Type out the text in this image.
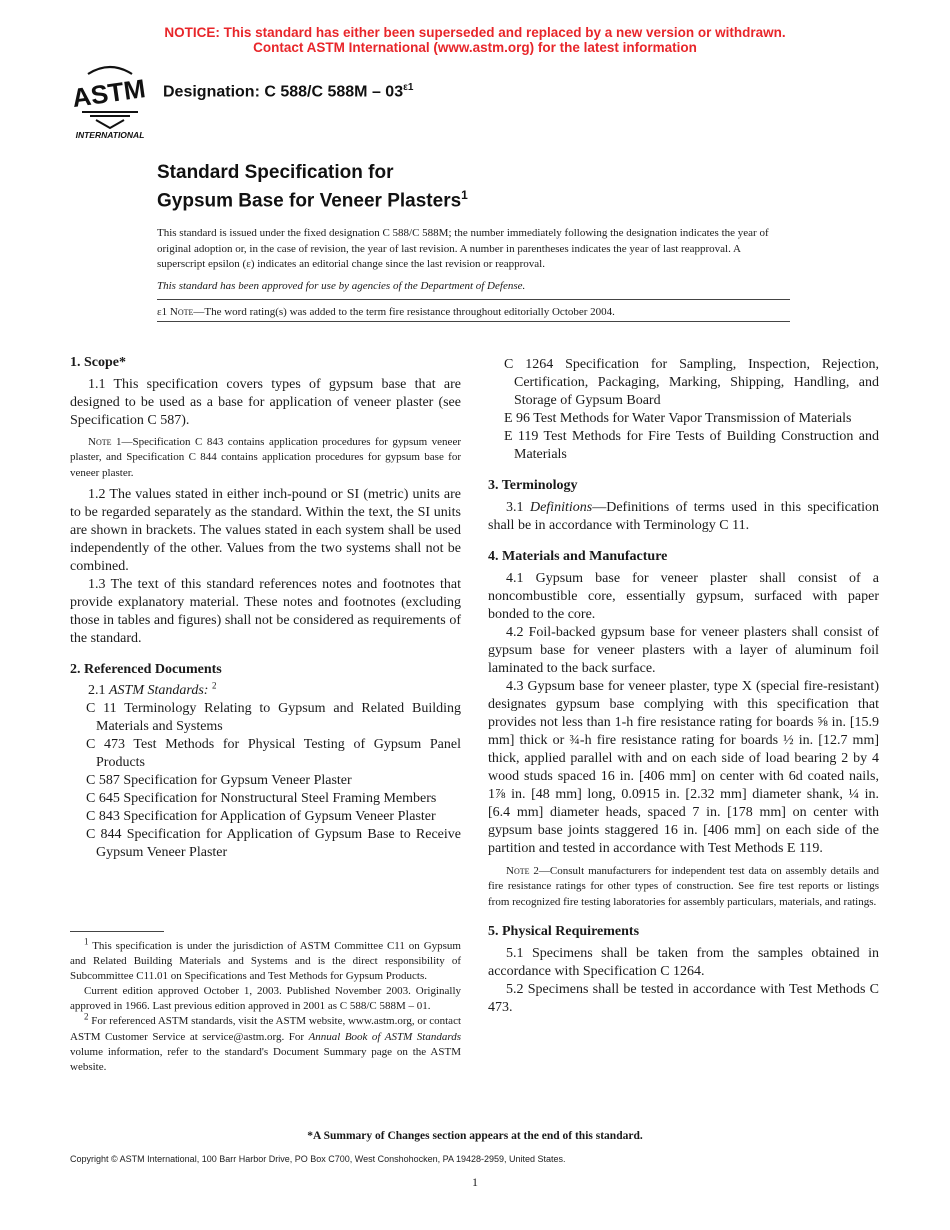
NOTICE: This standard has either been superseded and replaced by a new version or withdrawn.
Contact ASTM International (www.astm.org) for the latest information
ASTM
INTERNATIONAL
Designation: C 588/C $588M - 03^{\varepsilon 1}$
Standard Specification for
Gypsum Base for Veneer Plasters$^1$

This standard is issued under the fixed designation C 588/C 588M; the number immediately following the designation indicates the year of original adoption or, in the case of revision, the year of last revision. A number in parentheses indicates the year of last reapproval. A superscript epsilon (ε) indicates an editorial change since the last revision or reapproval.

This standard has been approved for use by agencies of the Department of Defense.

ε1 Note—The word rating(s) was added to the term fire resistance throughout editorially October 2004.

1. Scope*

1.1 This specification covers types of gypsum base that are designed to be used as a base for application of veneer plaster (see Specification C 587).

Note 1—Specification C 843 contains application procedures for gypsum veneer plaster, and Specification C 844 contains application procedures for gypsum base for veneer plaster.

1.2 The values stated in either inch-pound or SI (metric) units are to be regarded separately as the standard. Within the text, the SI units are shown in brackets. The values stated in each system shall be used independently of the other. Values from the two systems shall not be combined.

1.3 The text of this standard references notes and footnotes that provide explanatory material. These notes and footnotes (excluding those in tables and figures) shall not be considered as requirements of the standard.

2. Referenced Documents

2.1 ASTM Standards: $^2$

C 11 Terminology Relating to Gypsum and Related Building Materials and Systems

C 473 Test Methods for Physical Testing of Gypsum Panel Products

C 587 Specification for Gypsum Veneer Plaster

C 645 Specification for Nonstructural Steel Framing Members

C 843 Specification for Application of Gypsum Veneer Plaster

C 844 Specification for Application of Gypsum Base to Receive Gypsum Veneer Plaster

$^1$ This specification is under the jurisdiction of ASTM Committee C11 on Gypsum and Related Building Materials and Systems and is the direct responsibility of Subcommittee C11.01 on Specifications and Test Methods for Gypsum Products.

Current edition approved October 1, 2003. Published November 2003. Originally approved in 1966. Last previous edition approved in 2001 as C 588/C 588M – 01.

$^2$ For referenced ASTM standards, visit the ASTM website, www.astm.org, or contact ASTM Customer Service at service@astm.org. For Annual Book of ASTM Standards volume information, refer to the standard's Document Summary page on the ASTM website.

C 1264 Specification for Sampling, Inspection, Rejection, Certification, Packaging, Marking, Shipping, Handling, and Storage of Gypsum Board

E 96 Test Methods for Water Vapor Transmission of Materials

E 119 Test Methods for Fire Tests of Building Construction and Materials

3. Terminology

3.1 Definitions—Definitions of terms used in this specification shall be in accordance with Terminology C 11.

4. Materials and Manufacture

4.1 Gypsum base for veneer plaster shall consist of a noncombustible core, essentially gypsum, surfaced with paper bonded to the core.

4.2 Foil-backed gypsum base for veneer plasters shall consist of gypsum base for veneer plasters with a layer of aluminum foil laminated to the back surface.

4.3 Gypsum base for veneer plaster, type X (special fire-resistant) designates gypsum base complying with this specification that provides not less than 1-h fire resistance rating for boards ⅝ in. [15.9 mm] thick or ¾-h fire resistance rating for boards ½ in. [12.7 mm] thick, applied parallel with and on each side of load bearing 2 by 4 wood studs spaced 16 in. [406 mm] on center with 6d coated nails, 1⅞ in. [48 mm] long, 0.0915 in. [2.32 mm] diameter shank, ¼ in. [6.4 mm] diameter heads, spaced 7 in. [178 mm] on center with gypsum base joints staggered 16 in. [406 mm] on each side of the partition and tested in accordance with Test Methods E 119.

Note 2—Consult manufacturers for independent test data on assembly details and fire resistance ratings for other types of construction. See fire test reports or listings from recognized fire testing laboratories for assembly particulars, materials, and ratings.

5. Physical Requirements

5.1 Specimens shall be taken from the samples obtained in accordance with Specification C 1264.

5.2 Specimens shall be tested in accordance with Test Methods C 473.

*A Summary of Changes section appears at the end of this standard.
Copyright © ASTM International, 100 Barr Harbor Drive, PO Box C700, West Conshohocken, PA 19428-2959, United States.
1
